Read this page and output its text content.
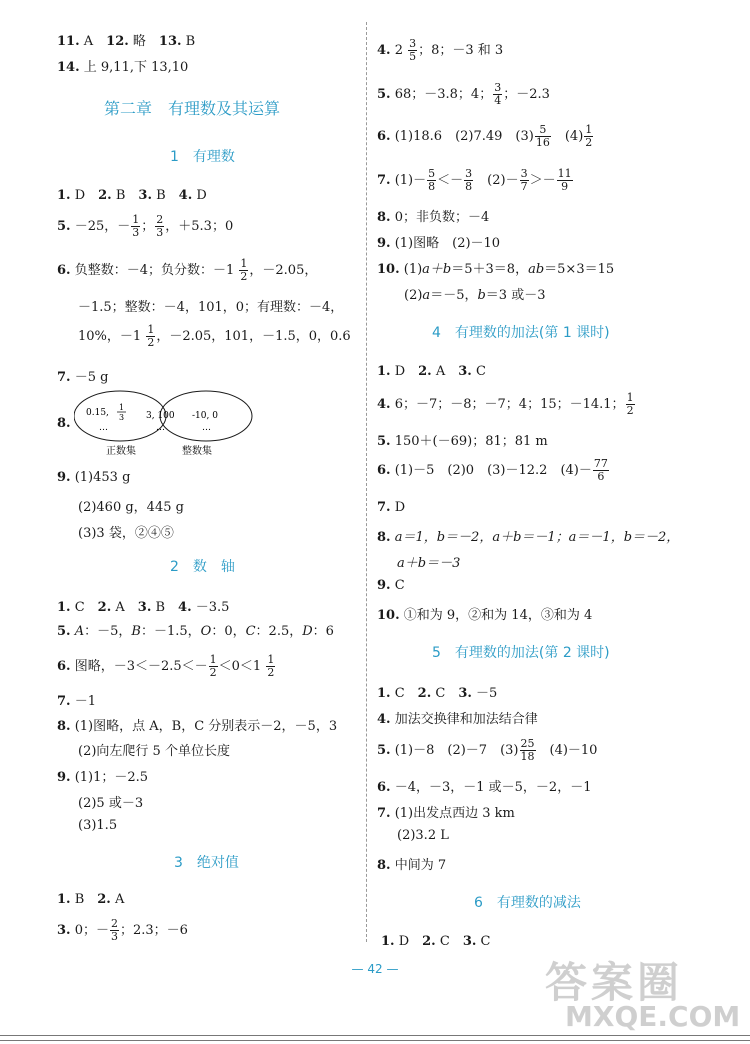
11. A　12. 略　13. B
14. 上 9,11,下 13,10
第二章　有理数及其运算
1　有理数
1. D　2. B　3. B　4. D
5. －25，－ $\frac{1}{3}$ ； $\frac{2}{3}$ ，＋5.3；0
6. 负整数：－4；负分数：$-1 \frac{1}{2}$ ，－2.05，
－1.5；整数：－4，101，0；有理数：－4，
10%，$-1 \frac{1}{2}$ ，－2.05，101，－1.5，0，0.6
7. －5 g
8.
0.15,
1
3
…
3, 100
…
-10, 0
…
正数集	整数集
9. (1)453 g
(2)460 g，445 g
(3)3 袋，②④⑤
2　数　轴
1. C　2. A　3. B　4. －3.5
5. A：－5，B：－1.5，O：0，C：2.5，D：6
6. 图略，$-3<-2.5<- \frac{1}{2} <0<1 \frac{1}{2}$
7. －1
8. (1)图略，点 A，B，C 分别表示－2，－5，3
(2)向左爬行 5 个单位长度
9. (1)1；－2.5
(2)5 或－3
(3)1.5
3　绝对值
1. B　2. A
3. 0；－ $\frac{2}{3}$ ；2.3；－6
4. $2 \frac{3}{5}$ ；8；－3 和 3
5. 68；－3.8；4； $\frac{3}{4}$ ；－2.3
6. (1)18.6　(2)7.49　$(3) \frac{5}{16}$ 　$(4) \frac{1}{2}$
7. $(1)- \frac{5}{8} <- \frac{3}{8}$ 　$(2)- \frac{3}{7} >- \frac{11}{9}$
8. 0；非负数；－4
9. (1)图略　(2)－10
10. (1)a＋b＝5＋3＝8，ab＝5×3＝15
(2)a＝－5，b＝3 或－3
4　有理数的加法(第 1 课时)
1. D　2. A　3. C
4. 6；－7；－8；－7；4；15；－14.1； $\frac{1}{2}$
5. 150＋(－69)；81；81 m
6. (1)－5　(2)0　(3)－12.2　$(4)- \frac{77}{6}$
7. D
8. a＝1，b＝－2，a＋b＝－1；a＝－1，b＝－2，
a＋b＝－3
9. C
10. ①和为 9，②和为 14，③和为 4
5　有理数的加法(第 2 课时)
1. C　2. C　3. －5
4. 加法交换律和加法结合律
5. (1)－8　(2)－7　$(3) \frac{25}{18}$ 　(4)－10
6. －4，－3，－1 或－5，－2，－1
7. (1)出发点西边 3 km
(2)3.2 L
8. 中间为 7
6　有理数的减法
1. D　2. C　3. C
— 42 —	答案圈
MXQE.COM
